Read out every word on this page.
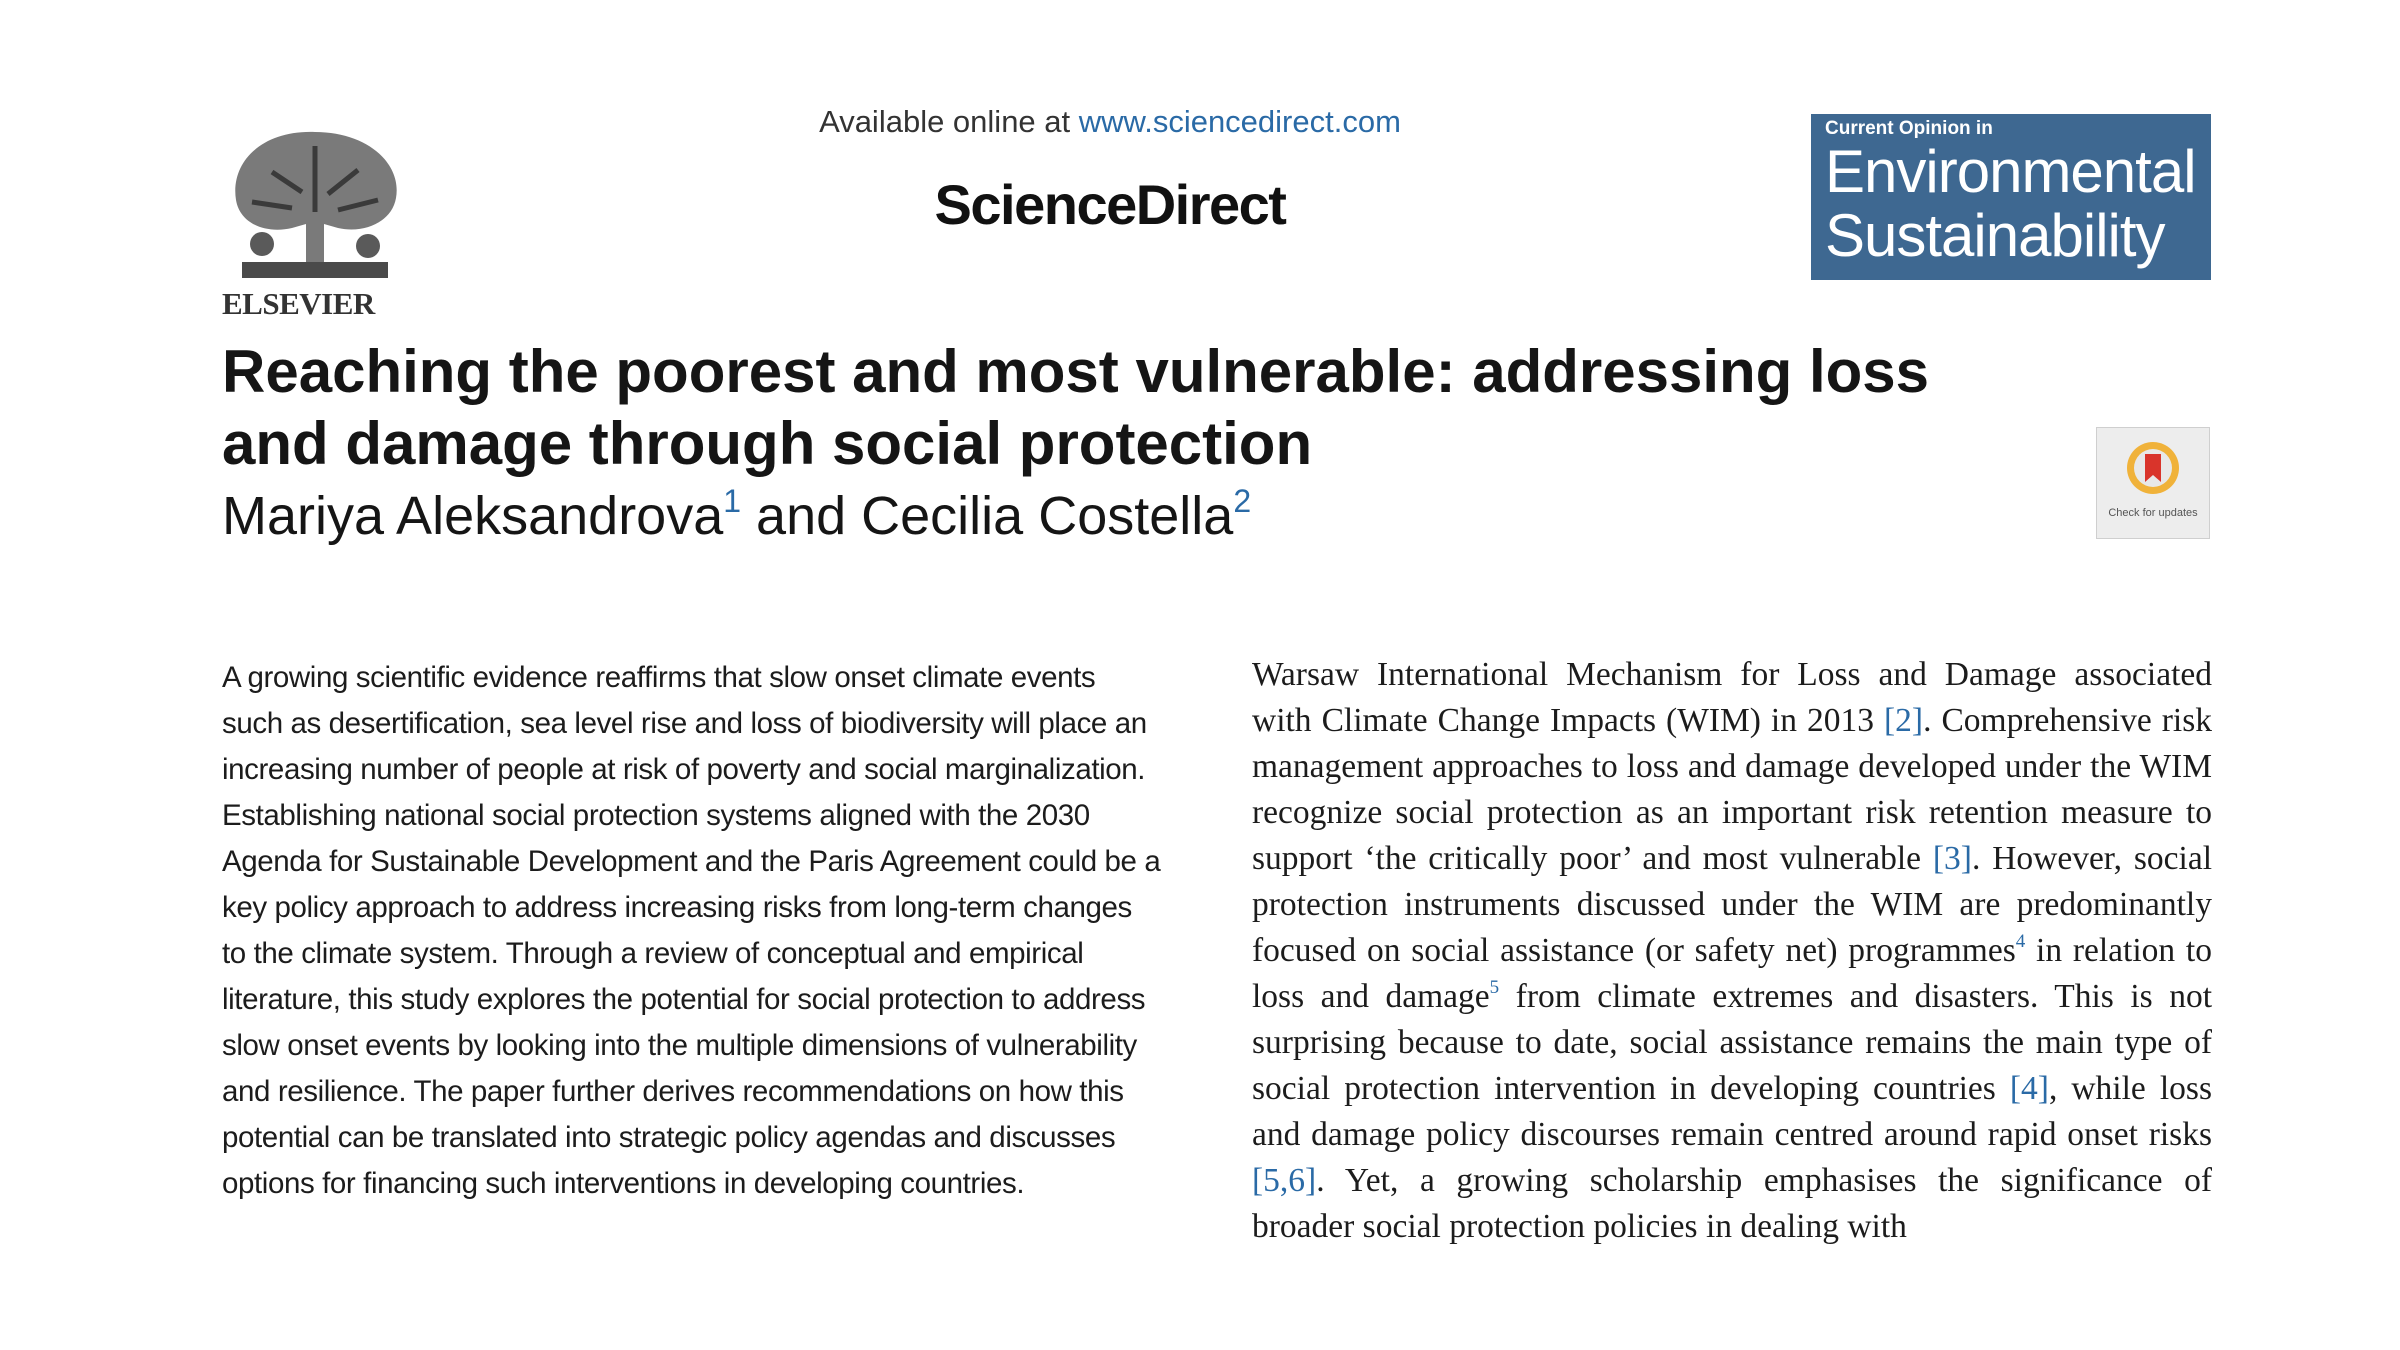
ELSEVIER
Available online at www.sciencedirect.com
ScienceDirect
Current Opinion in
Environmental
Sustainability
Check for updates
Reaching the poorest and most vulnerable: addressing loss and damage through social protection
Mariya Aleksandrova$^1$ and Cecilia Costella$^2$

A growing scientific evidence reaffirms that slow onset climate events such as desertification, sea level rise and loss of biodiversity will place an increasing number of people at risk of poverty and social marginalization. Establishing national social protection systems aligned with the 2030 Agenda for Sustainable Development and the Paris Agreement could be a key policy approach to address increasing risks from long-term changes to the climate system. Through a review of conceptual and empirical literature, this study explores the potential for social protection to address slow onset events by looking into the multiple dimensions of vulnerability and resilience. The paper further derives recommendations on how this potential can be translated into strategic policy agendas and discusses options for financing such interventions in developing countries.

Warsaw International Mechanism for Loss and Damage associated with Climate Change Impacts (WIM) in 2013 [2]. Comprehensive risk management approaches to loss and damage developed under the WIM recognize social protection as an important risk retention measure to support ‘the critically poor’ and most vulnerable [3]. However, social protection instruments discussed under the WIM are predominantly focused on social assistance (or safety net) programmes$^4$ in relation to loss and damage$^5$ from climate extremes and disasters. This is not surprising because to date, social assistance remains the main type of social protection intervention in developing countries [4], while loss and damage policy discourses remain centred around rapid onset risks [5,6]. Yet, a growing scholarship emphasises the significance of broader social protection policies in dealing with
